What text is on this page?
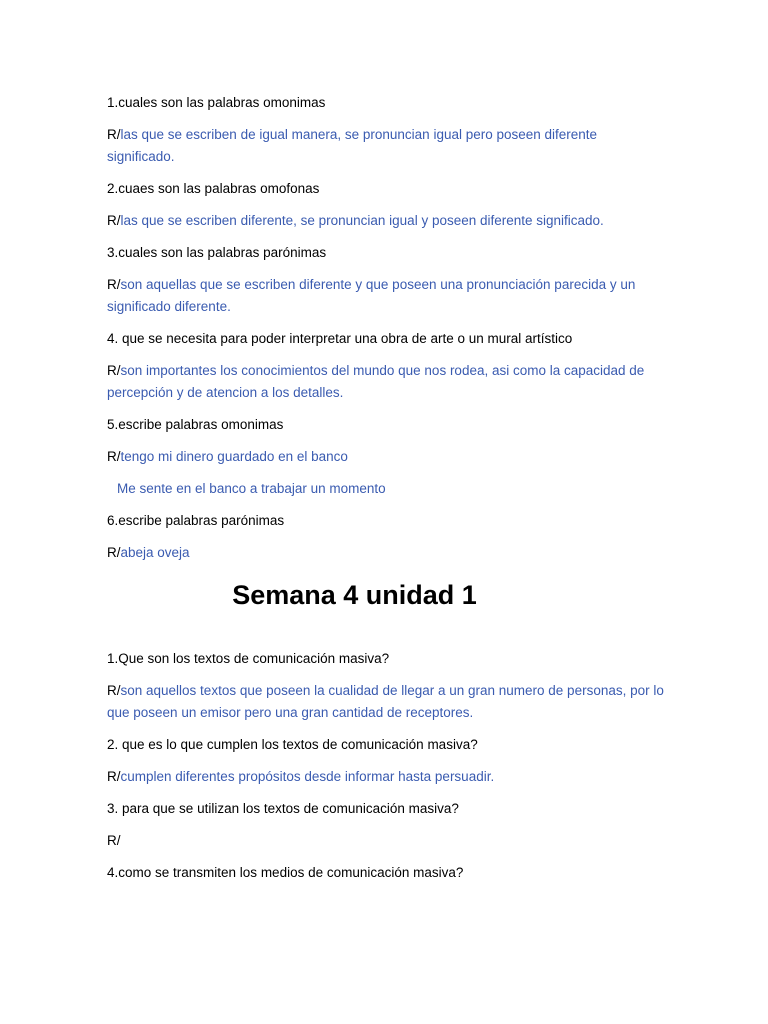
1.cuales son las palabras omonimas

R/las que se escriben de igual manera, se pronuncian igual pero poseen diferente significado.

2.cuaes son las palabras omofonas

R/las que se escriben diferente, se pronuncian igual y poseen diferente significado.

3.cuales son las palabras parónimas

R/son aquellas que se escriben diferente y que poseen una pronunciación parecida y un significado diferente.

4. que se necesita para poder interpretar una obra de arte o un mural artístico

R/son importantes los conocimientos del mundo que nos rodea, asi como la capacidad de percepción y de atencion a los detalles.

5.escribe palabras omonimas

R/tengo mi dinero guardado en el banco

Me sente en el banco a trabajar un momento

6.escribe palabras parónimas

R/abeja oveja

Semana 4 unidad 1

1.Que son los textos de comunicación masiva?

R/son aquellos textos que poseen la cualidad de llegar a un gran numero de personas, por lo que poseen un emisor pero una gran cantidad de receptores.

2. que es lo que cumplen los textos de comunicación masiva?

R/cumplen diferentes propósitos desde informar hasta persuadir.

3. para que se utilizan los textos de comunicación masiva?

R/

4.como se transmiten los medios de comunicación masiva?
